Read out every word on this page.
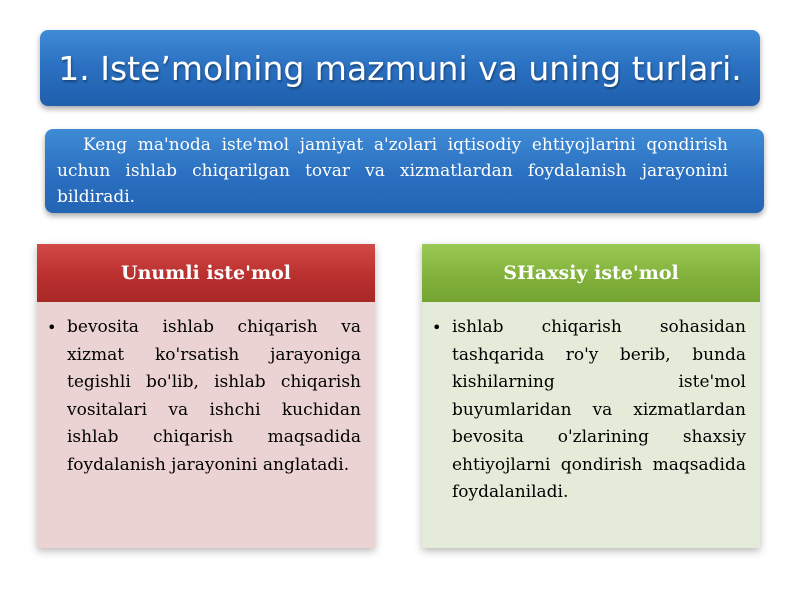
1. Iste’molning mazmuni va uning turlari.

Keng ma'noda iste'mol jamiyat a'zolari iqtisodiy ehtiyojlarini qondirish uchun ishlab chiqarilgan tovar va xizmatlardan foydalanish jarayonini bildiradi.

Unumli iste'mol
• bevosita ishlab chiqarish va xizmat ko'rsatish jarayoniga tegishli bo'lib, ishlab chiqarish vositalari va ishchi kuchidan ishlab chiqarish maqsadida foydalanish jarayonini anglatadi.

SHaxsiy iste'mol
• ishlab chiqarish sohasidan tashqarida ro'y berib, bunda kishilarning iste'mol buyumlaridan va xizmatlardan bevosita o'zlarining shaxsiy ehtiyojlarni qondirish maqsadida foydalaniladi.
